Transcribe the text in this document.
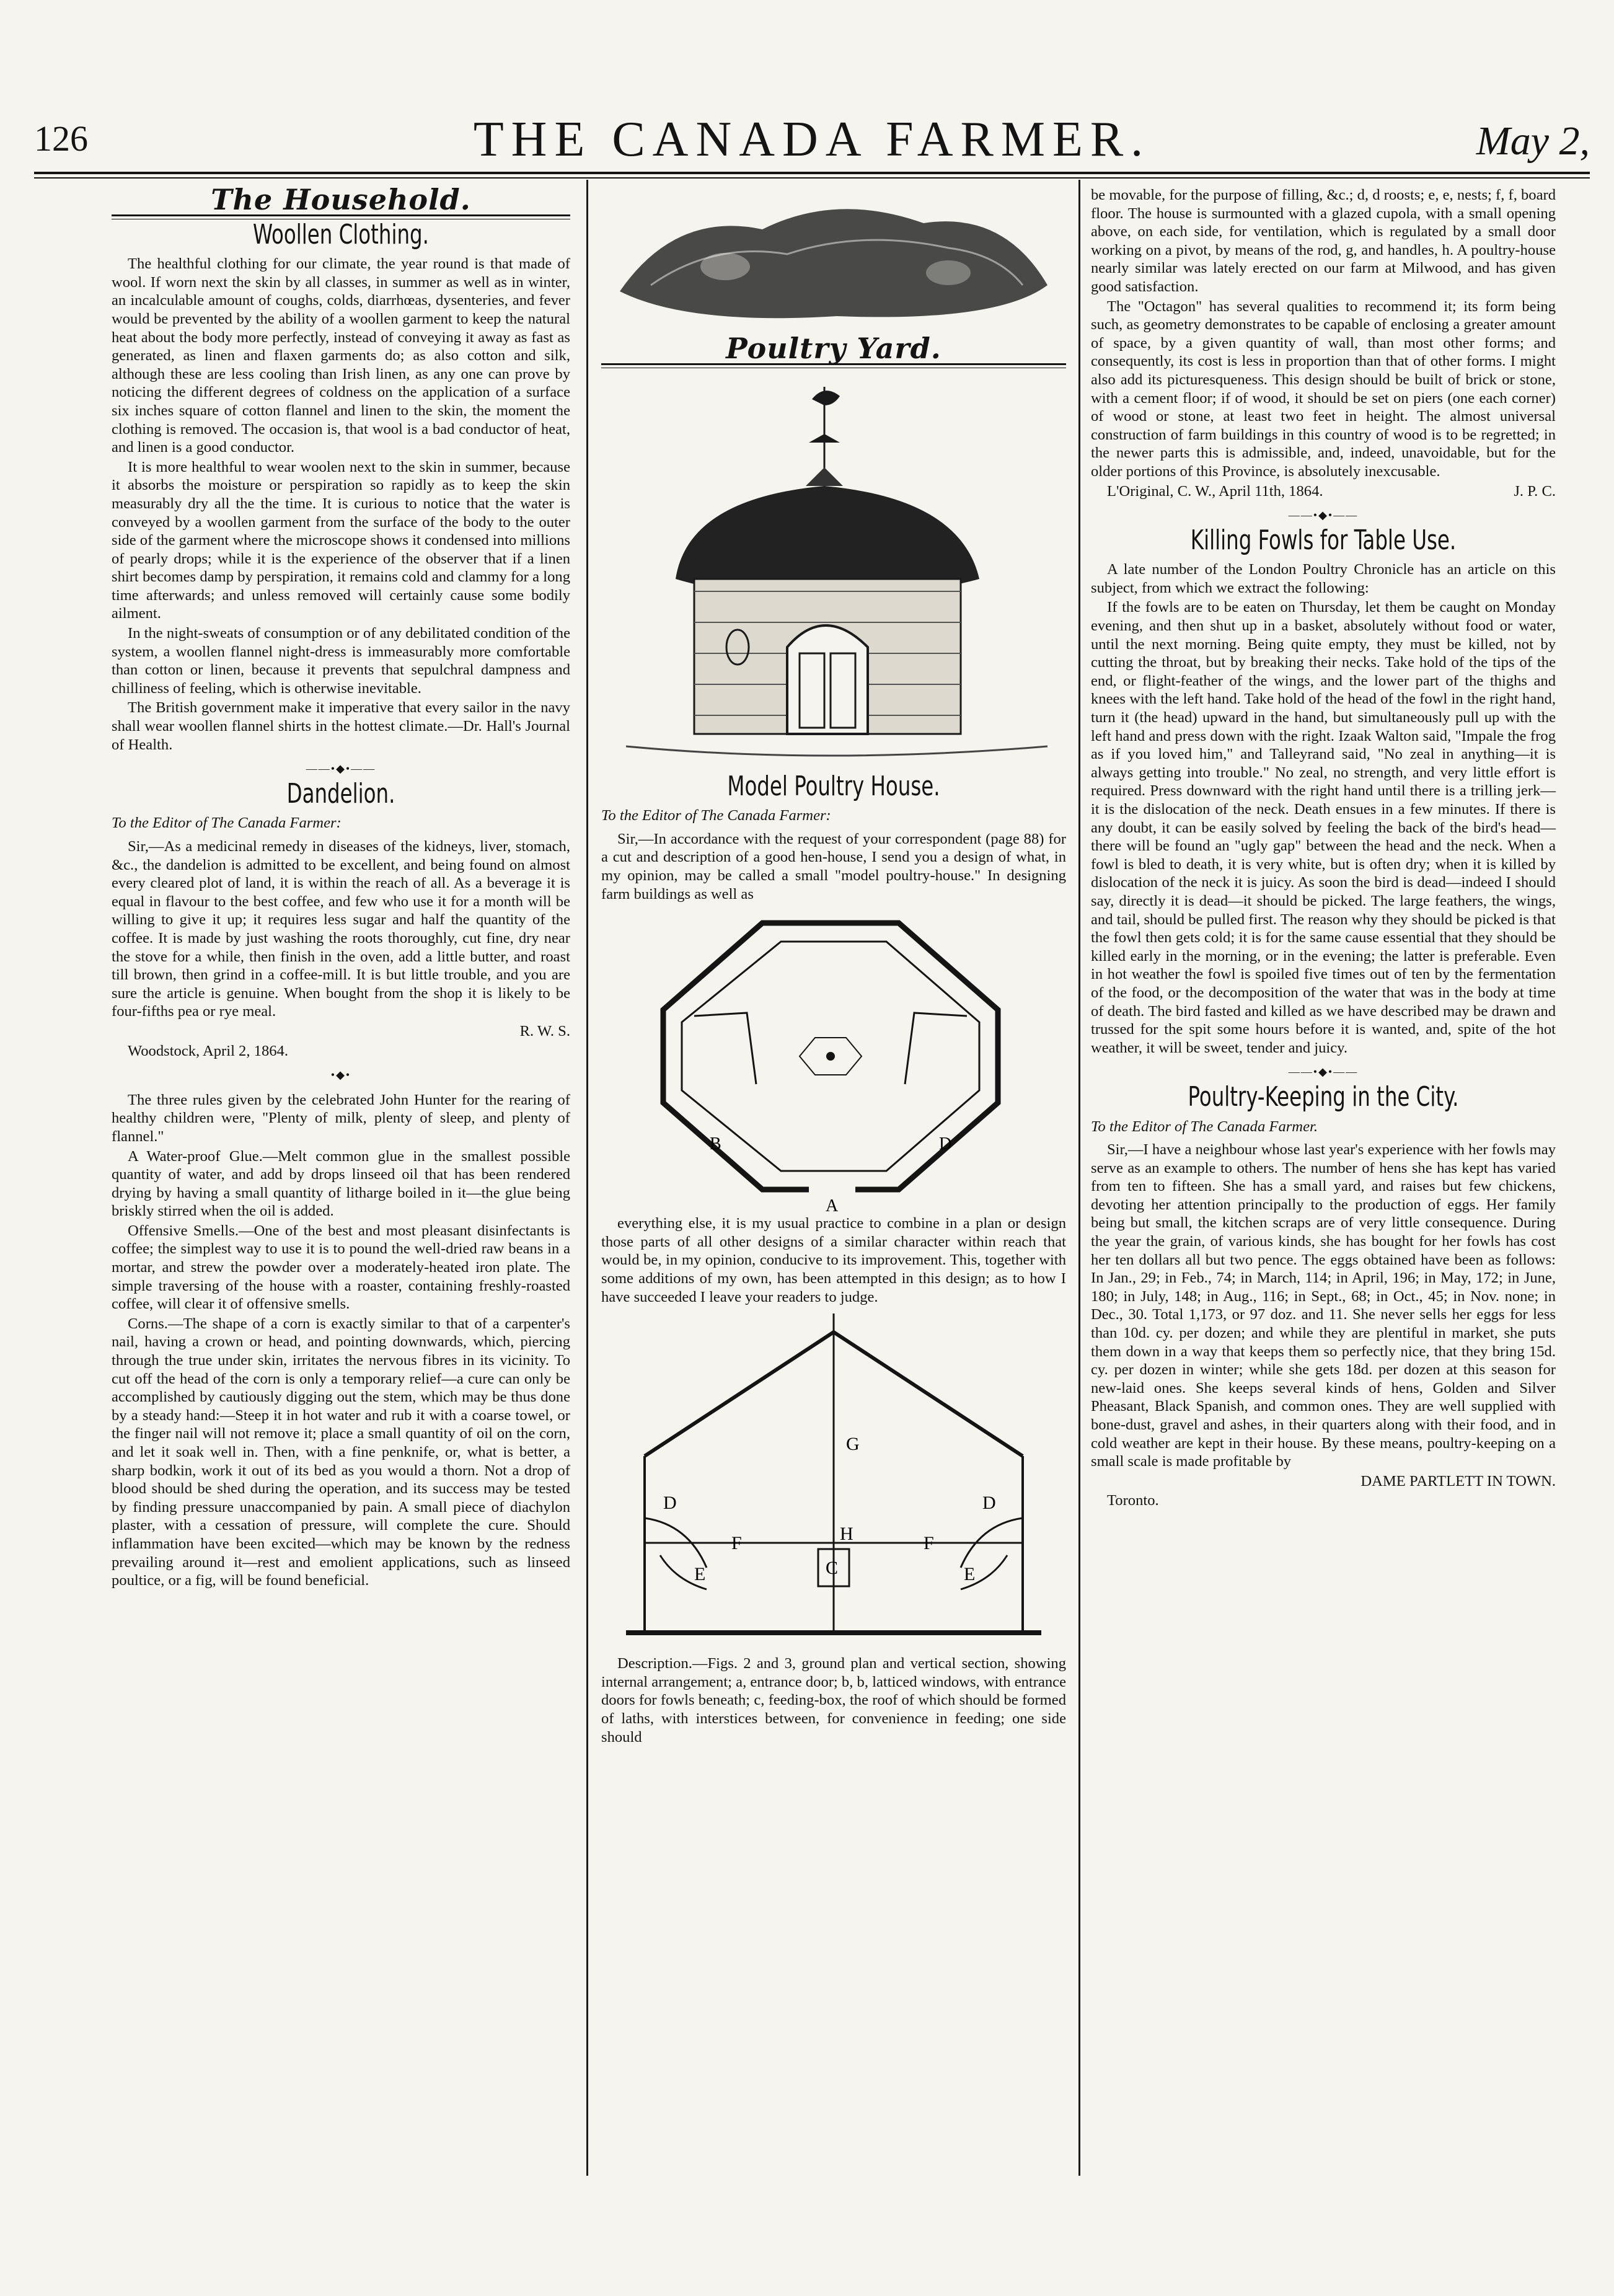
126	THE CANADA FARMER.	May 2,
The Household.
Woollen Clothing.

The healthful clothing for our climate, the year round is that made of wool. If worn next the skin by all classes, in summer as well as in winter, an incalculable amount of coughs, colds, diarrhœas, dysenteries, and fever would be prevented by the ability of a woollen garment to keep the natural heat about the body more perfectly, instead of conveying it away as fast as generated, as linen and flaxen garments do; as also cotton and silk, although these are less cooling than Irish linen, as any one can prove by noticing the different degrees of coldness on the application of a surface six inches square of cotton flannel and linen to the skin, the moment the clothing is removed. The occasion is, that wool is a bad conductor of heat, and linen is a good conductor.

It is more healthful to wear woolen next to the skin in summer, because it absorbs the moisture or perspiration so rapidly as to keep the skin measurably dry all the the time. It is curious to notice that the water is conveyed by a woollen garment from the surface of the body to the outer side of the garment where the microscope shows it condensed into millions of pearly drops; while it is the experience of the observer that if a linen shirt becomes damp by perspiration, it remains cold and clammy for a long time afterwards; and unless removed will certainly cause some bodily ailment.

In the night-sweats of consumption or of any debilitated condition of the system, a woollen flannel night-dress is immeasurably more comfortable than cotton or linen, because it prevents that sepulchral dampness and chilliness of feeling, which is otherwise inevitable.

The British government make it imperative that every sailor in the navy shall wear woollen flannel shirts in the hottest climate.—Dr. Hall's Journal of Health.

——•◆•——
Dandelion.

To the Editor of The Canada Farmer:

Sir,—As a medicinal remedy in diseases of the kidneys, liver, stomach, &c., the dandelion is admitted to be excellent, and being found on almost every cleared plot of land, it is within the reach of all. As a beverage it is equal in flavour to the best coffee, and few who use it for a month will be willing to give it up; it requires less sugar and half the quantity of the coffee. It is made by just washing the roots thoroughly, cut fine, dry near the stove for a while, then finish in the oven, add a little butter, and roast till brown, then grind in a coffee-mill. It is but little trouble, and you are sure the article is genuine. When bought from the shop it is likely to be four-fifths pea or rye meal.

R. W. S.

Woodstock, April 2, 1864.

•◆•

The three rules given by the celebrated John Hunter for the rearing of healthy children were, "Plenty of milk, plenty of sleep, and plenty of flannel."

A Water-proof Glue.—Melt common glue in the smallest possible quantity of water, and add by drops linseed oil that has been rendered drying by having a small quantity of litharge boiled in it—the glue being briskly stirred when the oil is added.

Offensive Smells.—One of the best and most pleasant disinfectants is coffee; the simplest way to use it is to pound the well-dried raw beans in a mortar, and strew the powder over a moderately-heated iron plate. The simple traversing of the house with a roaster, containing freshly-roasted coffee, will clear it of offensive smells.

Corns.—The shape of a corn is exactly similar to that of a carpenter's nail, having a crown or head, and pointing downwards, which, piercing through the true under skin, irritates the nervous fibres in its vicinity. To cut off the head of the corn is only a temporary relief—a cure can only be accomplished by cautiously digging out the stem, which may be thus done by a steady hand:—Steep it in hot water and rub it with a coarse towel, or the finger nail will not remove it; place a small quantity of oil on the corn, and let it soak well in. Then, with a fine penknife, or, what is better, a sharp bodkin, work it out of its bed as you would a thorn. Not a drop of blood should be shed during the operation, and its success may be tested by finding pressure unaccompanied by pain. A small piece of diachylon plaster, with a cessation of pressure, will complete the cure. Should inflammation have been excited—which may be known by the redness prevailing around it—rest and emolient applications, such as linseed poultice, or a fig, will be found beneficial.

Poultry Yard.
Model Poultry House.

To the Editor of The Canada Farmer:

Sir,—In accordance with the request of your correspondent (page 88) for a cut and description of a good hen-house, I send you a design of what, in my opinion, may be called a small "model poultry-house." In designing farm buildings as well as

B	D
A

everything else, it is my usual practice to combine in a plan or design those parts of all other designs of a similar character within reach that would be, in my opinion, conducive to its improvement. This, together with some additions of my own, has been attempted in this design; as to how I have succeeded I leave your readers to judge.

G
H
C
F	F
D	D
E	E

Description.—Figs. 2 and 3, ground plan and vertical section, showing internal arrangement; a, entrance door; b, b, latticed windows, with entrance doors for fowls beneath; c, feeding-box, the roof of which should be formed of laths, with interstices between, for convenience in feeding; one side should

be movable, for the purpose of filling, &c.; d, d roosts; e, e, nests; f, f, board floor. The house is surmounted with a glazed cupola, with a small opening above, on each side, for ventilation, which is regulated by a small door working on a pivot, by means of the rod, g, and handles, h. A poultry-house nearly similar was lately erected on our farm at Milwood, and has given good satisfaction.

The "Octagon" has several qualities to recommend it; its form being such, as geometry demonstrates to be capable of enclosing a greater amount of space, by a given quantity of wall, than most other forms; and consequently, its cost is less in proportion than that of other forms. I might also add its picturesqueness. This design should be built of brick or stone, with a cement floor; if of wood, it should be set on piers (one each corner) of wood or stone, at least two feet in height. The almost universal construction of farm buildings in this country of wood is to be regretted; in the newer parts this is admissible, and, indeed, unavoidable, but for the older portions of this Province, is absolutely inexcusable.

L'Original, C. W., April 11th, 1864.	J. P. C.

——•◆•——
Killing Fowls for Table Use.

A late number of the London Poultry Chronicle has an article on this subject, from which we extract the following:

If the fowls are to be eaten on Thursday, let them be caught on Monday evening, and then shut up in a basket, absolutely without food or water, until the next morning. Being quite empty, they must be killed, not by cutting the throat, but by breaking their necks. Take hold of the tips of the end, or flight-feather of the wings, and the lower part of the thighs and knees with the left hand. Take hold of the head of the fowl in the right hand, turn it (the head) upward in the hand, but simultaneously pull up with the left hand and press down with the right. Izaak Walton said, "Impale the frog as if you loved him," and Talleyrand said, "No zeal in anything—it is always getting into trouble." No zeal, no strength, and very little effort is required. Press downward with the right hand until there is a trilling jerk—it is the dislocation of the neck. Death ensues in a few minutes. If there is any doubt, it can be easily solved by feeling the back of the bird's head—there will be found an "ugly gap" between the head and the neck. When a fowl is bled to death, it is very white, but is often dry; when it is killed by dislocation of the neck it is juicy. As soon the bird is dead—indeed I should say, directly it is dead—it should be picked. The large feathers, the wings, and tail, should be pulled first. The reason why they should be picked is that the fowl then gets cold; it is for the same cause essential that they should be killed early in the morning, or in the evening; the latter is preferable. Even in hot weather the fowl is spoiled five times out of ten by the fermentation of the food, or the decomposition of the water that was in the body at time of death. The bird fasted and killed as we have described may be drawn and trussed for the spit some hours before it is wanted, and, spite of the hot weather, it will be sweet, tender and juicy.

——•◆•——
Poultry-Keeping in the City.

To the Editor of The Canada Farmer.

Sir,—I have a neighbour whose last year's experience with her fowls may serve as an example to others. The number of hens she has kept has varied from ten to fifteen. She has a small yard, and raises but few chickens, devoting her attention principally to the production of eggs. Her family being but small, the kitchen scraps are of very little consequence. During the year the grain, of various kinds, she has bought for her fowls has cost her ten dollars all but two pence. The eggs obtained have been as follows: In Jan., 29; in Feb., 74; in March, 114; in April, 196; in May, 172; in June, 180; in July, 148; in Aug., 116; in Sept., 68; in Oct., 45; in Nov. none; in Dec., 30. Total 1,173, or 97 doz. and 11. She never sells her eggs for less than 10d. cy. per dozen; and while they are plentiful in market, she puts them down in a way that keeps them so perfectly nice, that they bring 15d. cy. per dozen in winter; while she gets 18d. per dozen at this season for new-laid ones. She keeps several kinds of hens, Golden and Silver Pheasant, Black Spanish, and common ones. They are well supplied with bone-dust, gravel and ashes, in their quarters along with their food, and in cold weather are kept in their house. By these means, poultry-keeping on a small scale is made profitable by

DAME PARTLETT IN TOWN.

Toronto.
